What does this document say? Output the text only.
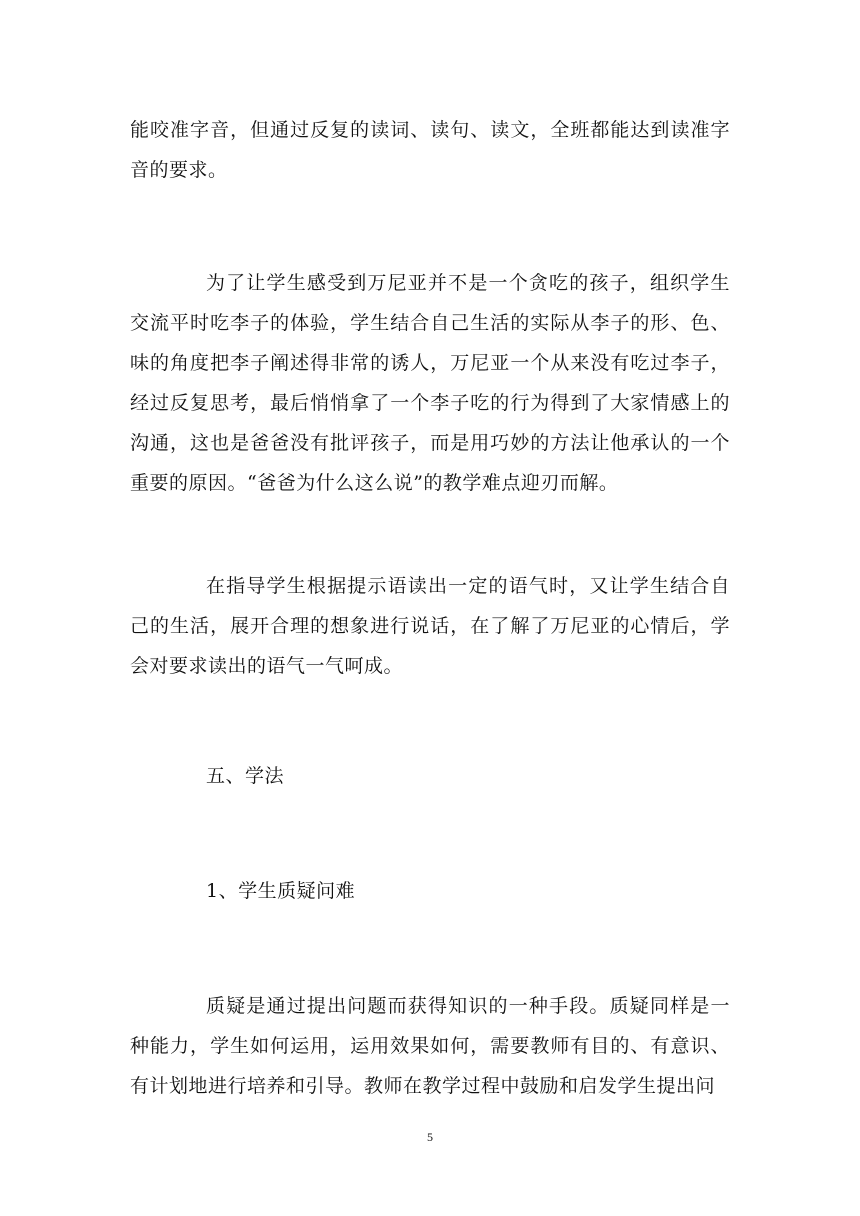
能咬准字音，但通过反复的读词、读句、读文，全班都能达到读准字音的要求。
为了让学生感受到万尼亚并不是一个贪吃的孩子，组织学生交流平时吃李子的体验，学生结合自己生活的实际从李子的形、色、味的角度把李子阐述得非常的诱人，万尼亚一个从来没有吃过李子，经过反复思考，最后悄悄拿了一个李子吃的行为得到了大家情感上的沟通，这也是爸爸没有批评孩子，而是用巧妙的方法让他承认的一个重要的原因。“爸爸为什么这么说”的教学难点迎刃而解。
在指导学生根据提示语读出一定的语气时，又让学生结合自己的生活，展开合理的想象进行说话，在了解了万尼亚的心情后，学会对要求读出的语气一气呵成。
五、学法
1、学生质疑问难
质疑是通过提出问题而获得知识的一种手段。质疑同样是一种能力，学生如何运用，运用效果如何，需要教师有目的、有意识、有计划地进行培养和引导。教师在教学过程中鼓励和启发学生提出问
5
